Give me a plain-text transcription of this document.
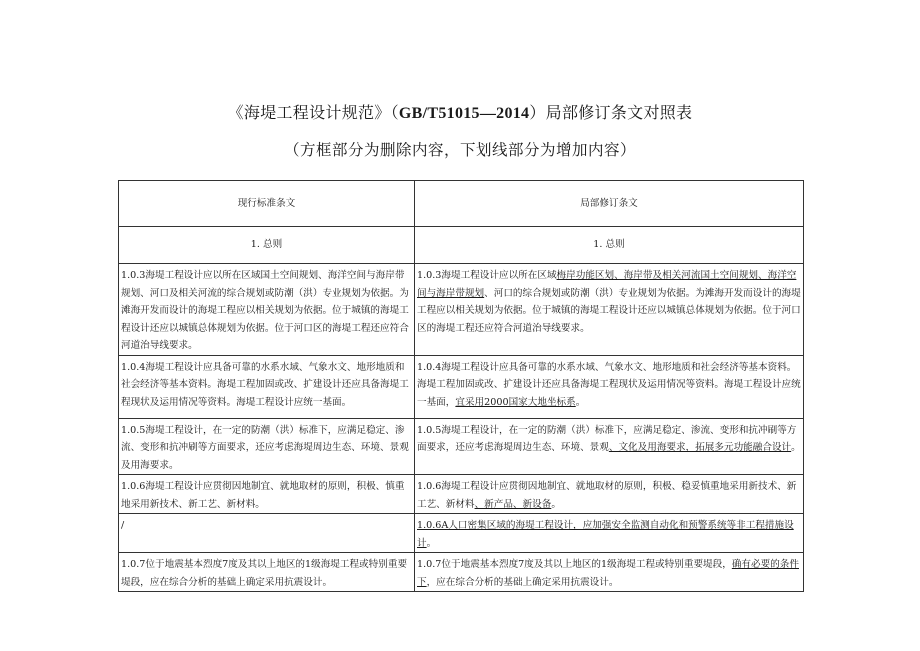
《海堤工程设计规范》（GB/T51015—2014）局部修订条文对照表
（方框部分为删除内容，下划线部分为增加内容）
现行标准条文	局部修订条文
1. 总则	1. 总则
1.0.3海堤工程设计应以所在区域国土空间规划、海洋空间与海岸带规划、河口及相关河流的综合规划或防潮（洪）专业规划为依据。为滩海开发而设计的海堤工程应以相关规划为依据。位于城镇的海堤工程设计还应以城镇总体规划为依据。位于河口区的海堤工程还应符合河道治导线要求。	1.0.3海堤工程设计应以所在区域梅岸功能区划、海岸带及相关河流国土空间规划、海洋空间与海岸带规划、河口的综合规划或防潮（洪）专业规划为依据。为滩海开发而设计的海堤工程应以相关规划为依据。位于城镇的海堤工程设计还应以城镇总体规划为依据。位于河口区的海堤工程还应符合河道治导线要求。
1.0.4海堤工程设计应具备可靠的水系水域、气象水文、地形地质和社会经济等基本资料。海堤工程加固或改、扩建设计还应具备海堤工程现状及运用情况等资料。海堤工程设计应统一基面。	1.0.4海堤工程设计应具备可靠的水系水域、气象水文、地形地质和社会经济等基本资料。海堤工程加固或改、扩建设计还应具备海堤工程现状及运用情况等资料。海堤工程设计应统一基面，宜采用2000国家大地坐标系。
1.0.5海堤工程设计，在一定的防潮（洪）标准下，应满足稳定、渗流、变形和抗冲刷等方面要求，还应考虑海堤周边生态、环境、景观及用海要求。	1.0.5海堤工程设计，在一定的防潮（洪）标准下，应满足稳定、渗流、变形和抗冲刷等方面要求，还应考虑海堤周边生态、环境、景观、文化及用海要求，拓展多元功能融合设计。
1.0.6海堤工程设计应贯彻因地制宜、就地取材的原则，积极、慎重地采用新技术、新工艺、新材料。	1.0.6海堤工程设计应贯彻因地制宜、就地取材的原则，积极、稳妥慎重地采用新技术、新工艺、新材料、新产品、新设备。
/	1.0.6A人口密集区域的海堤工程设计，应加强安全监测自动化和预警系统等非工程措施设计。
1.0.7位于地震基本烈度7度及其以上地区的1级海堤工程或特别重要堤段，应在综合分析的基础上确定采用抗震设计。	1.0.7位于地震基本烈度7度及其以上地区的1级海堤工程或特别重要堤段，确有必要的条件下，应在综合分析的基础上确定采用抗震设计。
